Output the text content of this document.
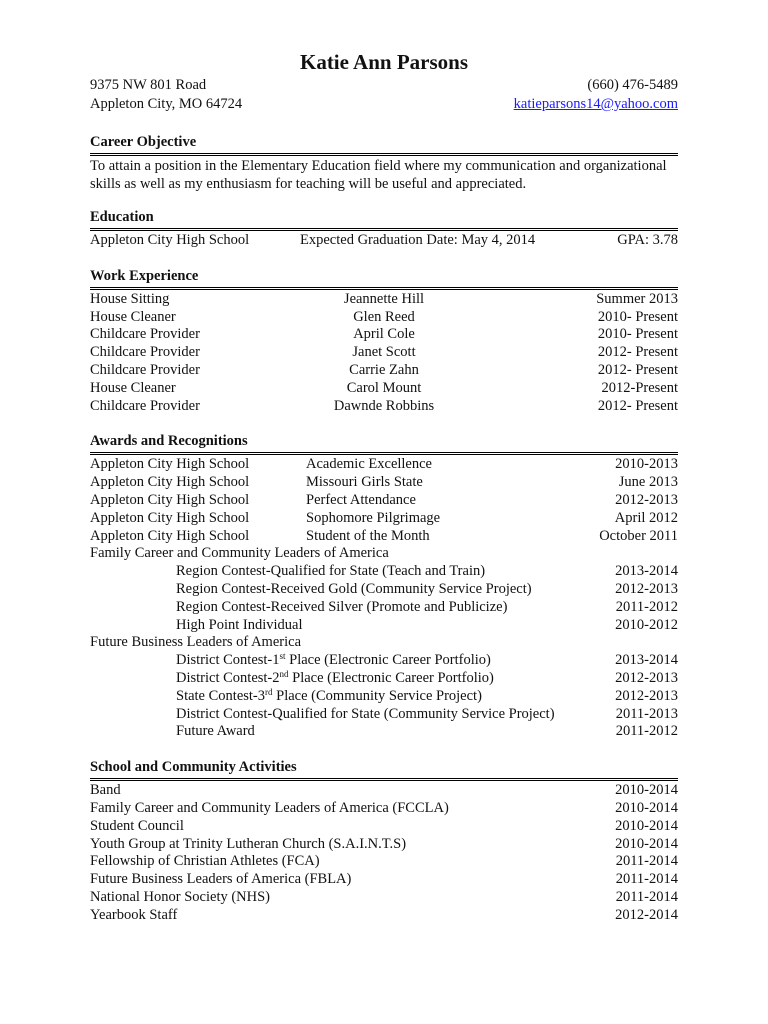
Katie Ann Parsons
9375 NW 801 Road	(660) 476-5489
Appleton City, MO 64724	katieparsons14@yahoo.com
Career Objective
To attain a position in the Elementary Education field where my communication and organizational skills as well as my enthusiasm for teaching will be useful and appreciated.
Education
Appleton City High School	Expected Graduation Date: May 4, 2014	GPA: 3.78
Work Experience
House Sitting	Jeannette Hill	Summer 2013
House Cleaner	Glen Reed	2010- Present
Childcare Provider	April Cole	2010- Present
Childcare Provider	Janet Scott	2012- Present
Childcare Provider	Carrie Zahn	2012- Present
House Cleaner	Carol Mount	2012-Present
Childcare Provider	Dawnde Robbins	2012- Present
Awards and Recognitions
Appleton City High School	Academic Excellence	2010-2013
Appleton City High School	Missouri Girls State	June 2013
Appleton City High School	Perfect Attendance	2012-2013
Appleton City High School	Sophomore Pilgrimage	April 2012
Appleton City High School	Student of the Month	October 2011
Family Career and Community Leaders of America
Region Contest-Qualified for State (Teach and Train)	2013-2014
Region Contest-Received Gold (Community Service Project)	2012-2013
Region Contest-Received Silver (Promote and Publicize)	2011-2012
High Point Individual	2010-2012
Future Business Leaders of America
District Contest-1st Place (Electronic Career Portfolio)	2013-2014
District Contest-2nd Place (Electronic Career Portfolio)	2012-2013
State Contest-3rd Place (Community Service Project)	2012-2013
District Contest-Qualified for State (Community Service Project)	2011-2013
Future Award	2011-2012
School and Community Activities
Band	2010-2014
Family Career and Community Leaders of America (FCCLA)	2010-2014
Student Council	2010-2014
Youth Group at Trinity Lutheran Church (S.A.I.N.T.S)	2010-2014
Fellowship of Christian Athletes (FCA)	2011-2014
Future Business Leaders of America (FBLA)	2011-2014
National Honor Society (NHS)	2011-2014
Yearbook Staff	2012-2014
